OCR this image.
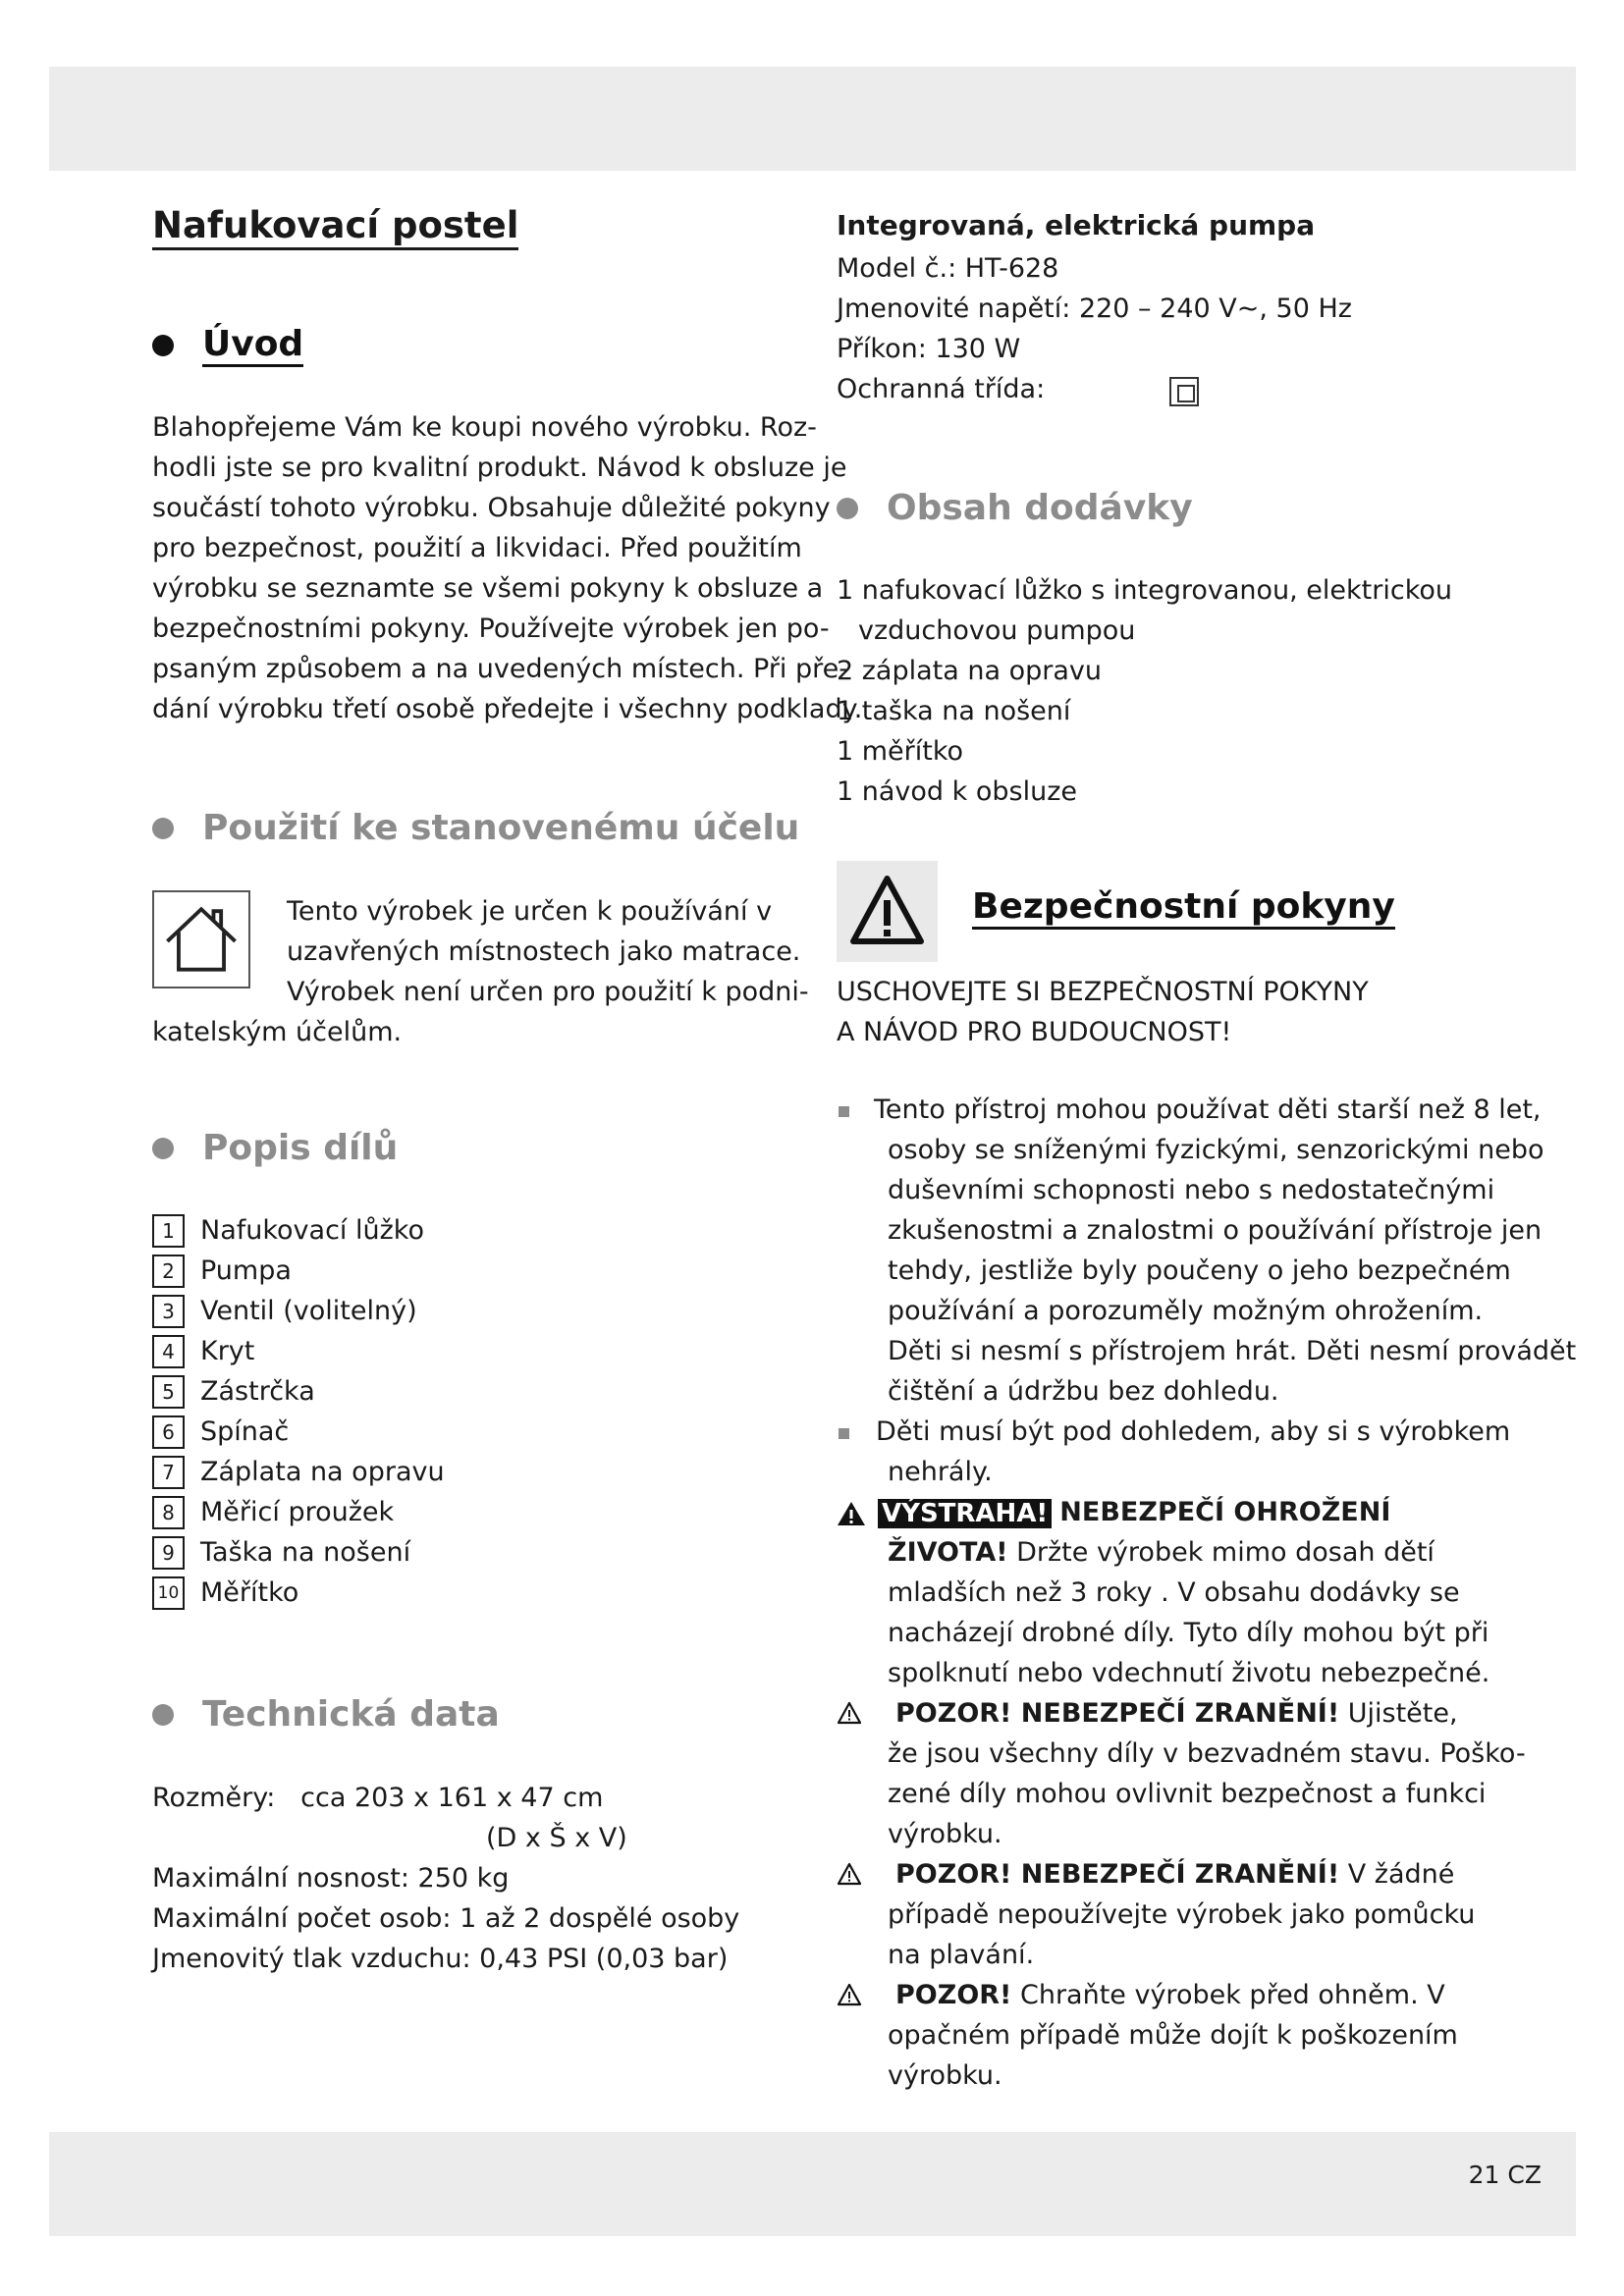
Nafukovací postel
Úvod
Blahopřejeme Vám ke koupi nového výrobku. Roz-
hodli jste se pro kvalitní produkt. Návod k obsluze je
součástí tohoto výrobku. Obsahuje důležité pokyny
pro bezpečnost, použití a likvidaci. Před použitím
výrobku se seznamte se všemi pokyny k obsluze a
bezpečnostními pokyny. Používejte výrobek jen po-
psaným způsobem a na uvedených místech. Při pře-
dání výrobku třetí osobě předejte i všechny podklady.
Použití ke stanovenému účelu
Tento výrobek je určen k používání v
uzavřených místnostech jako matrace.
Výrobek není určen pro použití k podni-
katelským účelům.
Popis dílů
1 Nafukovací lůžko
2 Pumpa
3 Ventil (volitelný)
4 Kryt
5 Zástrčka
6 Spínač
7 Záplata na opravu
8 Měřicí proužek
9 Taška na nošení
10 Měřítko
Technická data
Rozměry: cca 203 x 161 x 47 cm
(D x Š x V)
Maximální nosnost: 250 kg
Maximální počet osob: 1 až 2 dospělé osoby
Jmenovitý tlak vzduchu: 0,43 PSI (0,03 bar)
Integrovaná, elektrická pumpa
Model č.: HT-628
Jmenovité napětí: 220 – 240 V∼, 50 Hz
Příkon: 130 W
Ochranná třída:
Obsah dodávky
1 nafukovací lůžko s integrovanou, elektrickou
vzduchovou pumpou
2 záplata na opravu
1 taška na nošení
1 měřítko
1 návod k obsluze
Bezpečnostní pokyny
USCHOVEJTE SI BEZPEČNOSTNÍ POKYNY
A NÁVOD PRO BUDOUCNOST!
Tento přístroj mohou používat děti starší než 8 let,
osoby se sníženými fyzickými, senzorickými nebo
duševními schopnosti nebo s nedostatečnými
zkušenostmi a znalostmi o používání přístroje jen
tehdy, jestliže byly poučeny o jeho bezpečném
používání a porozuměly možným ohrožením.
Děti si nesmí s přístrojem hrát. Děti nesmí provádět
čištění a údržbu bez dohledu.
Děti musí být pod dohledem, aby si s výrobkem
nehrály.
VÝSTRAHA! NEBEZPEČÍ OHROŽENÍ
ŽIVOTA! Držte výrobek mimo dosah dětí
mladších než 3 roky . V obsahu dodávky se
nacházejí drobné díly. Tyto díly mohou být při
spolknutí nebo vdechnutí životu nebezpečné.
POZOR! NEBEZPEČÍ ZRANĚNÍ! Ujistěte,
že jsou všechny díly v bezvadném stavu. Poško-
zené díly mohou ovlivnit bezpečnost a funkci
výrobku.
POZOR! NEBEZPEČÍ ZRANĚNÍ! V žádné
případě nepoužívejte výrobek jako pomůcku
na plavání.
POZOR! Chraňte výrobek před ohněm. V
opačném případě může dojít k poškozením
výrobku.
21 CZ
